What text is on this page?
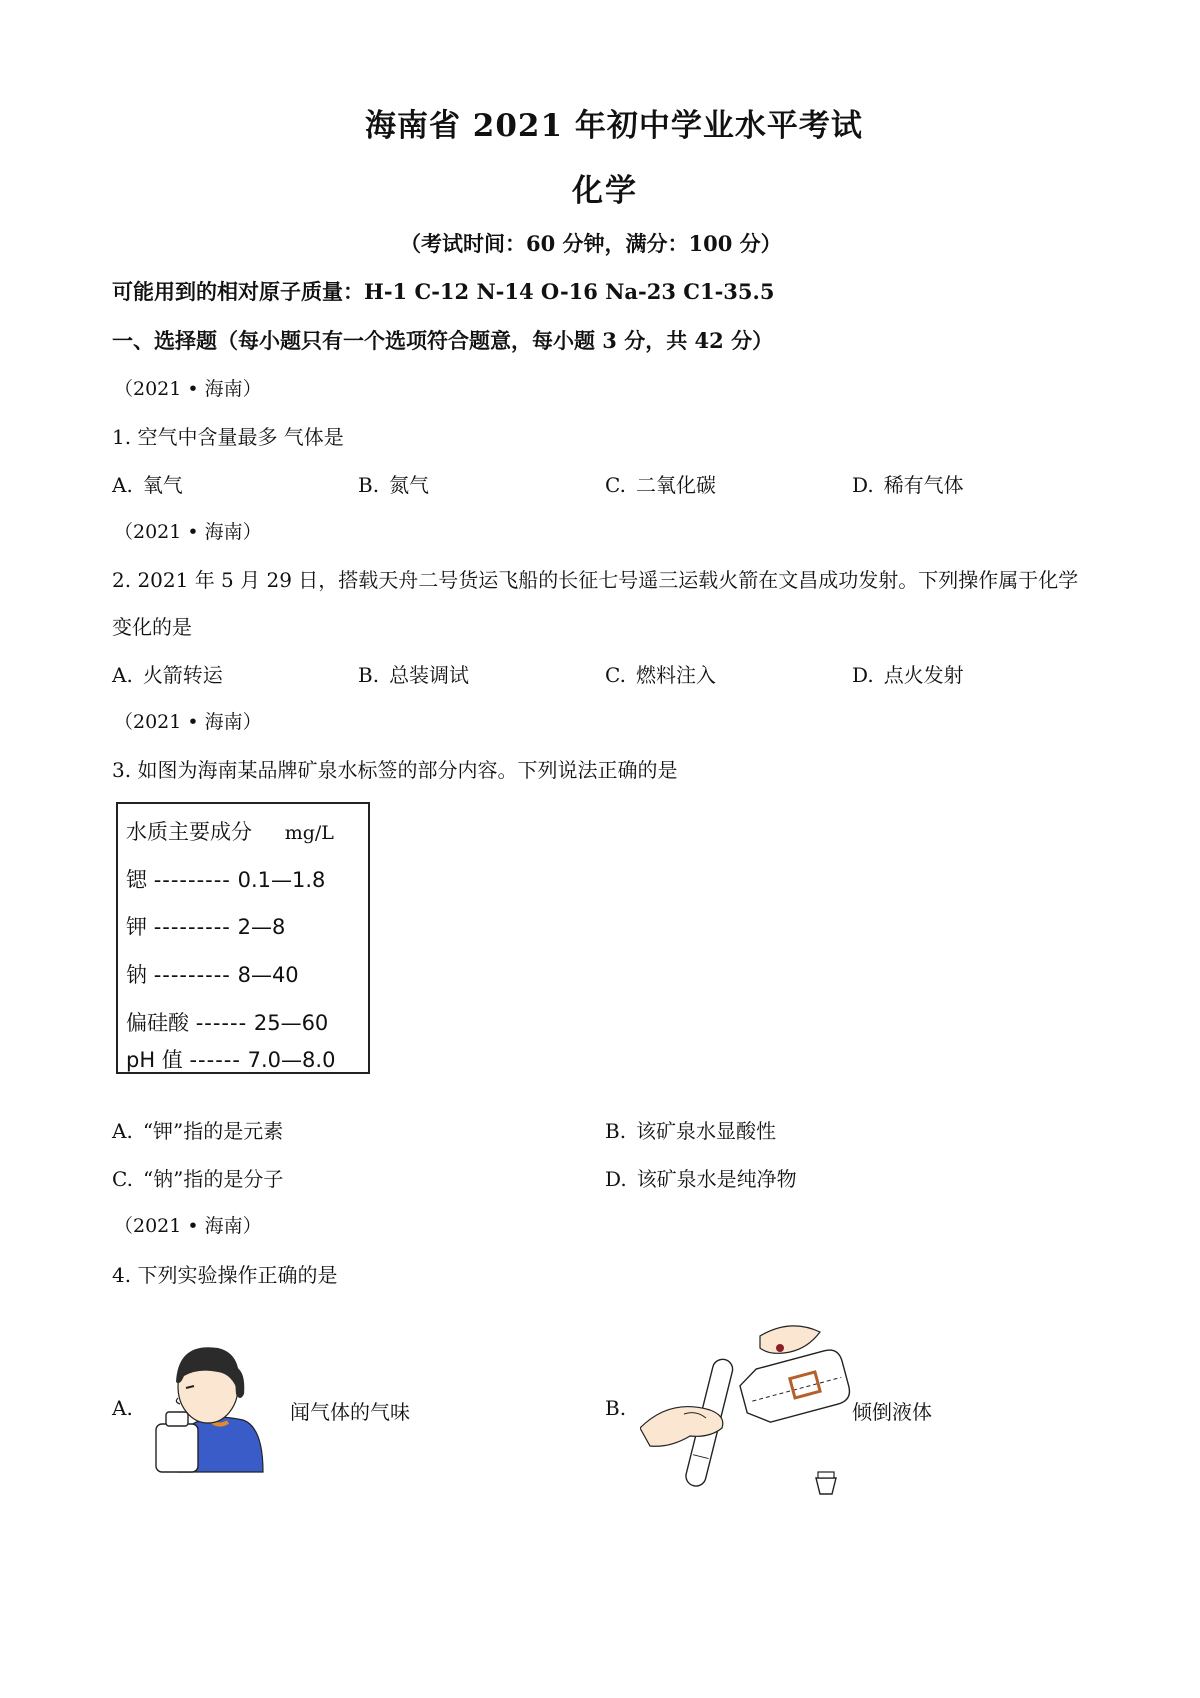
海南省 2021 年初中学业水平考试
化学
（考试时间：60 分钟，满分：100 分）
可能用到的相对原子质量：H-1 C-12 N-14 O-16 Na-23 C1-35.5
一、选择题（每小题只有一个选项符合题意，每小题 3 分，共 42 分）
（2021 • 海南）
1. 空气中含量最多 气体是
A. 氧气	B. 氮气	C. 二氧化碳	D. 稀有气体
（2021 • 海南）
2. 2021 年 5 月 29 日，搭载天舟二号货运飞船的长征七号遥三运载火箭在文昌成功发射。下列操作属于化学
变化的是
A. 火箭转运	B. 总装调试	C. 燃料注入	D. 点火发射
（2021 • 海南）
3. 如图为海南某品牌矿泉水标签的部分内容。下列说法正确的是
水质主要成分 mg/L
锶 --------- 0.1—1.8
钾 --------- 2—8
钠 --------- 8—40
偏硅酸 ------ 25—60
pH 值 ------ 7.0—8.0
A. “钾”指的是元素	B. 该矿泉水显酸性
C. “钠”指的是分子	D. 该矿泉水是纯净物
（2021 • 海南）
4. 下列实验操作正确的是
A.	闻气体的气味	B.	倾倒液体
